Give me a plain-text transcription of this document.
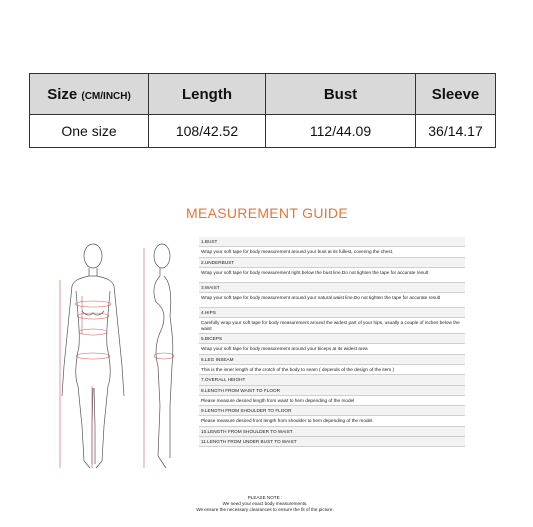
Size (CM/INCH)	Length	Bust	Sleeve
One size	108/42.52	112/44.09	36/14.17
MEASUREMENT GUIDE
1.BUST
Wrap your soft tape for body measurement around your bust at its fullest, covering the chest.
2.UNDERBUST
Wrap your soft tape for body measurement right below the bust line.Do not tighten the tape for accurate result
3.WAIST
Wrap your soft tape for body measurement around your natural waist line.Do not tighten the tape for accurate result
4.HIPS
Carefully wrap your soft tape for body measurement around the widest part of your hips, usually a couple of inches below the waist
5.BICEPS
Wrap your soft tape for body measurement around your biceps at its widest area
6.LEG INSEAM
This is the inner length of the crotch of the body to seam ( depends of the design of the item )
7.OVERALL HEIGHT
8.LENGTH FROM WAIST TO FLOOR
Please measure desired length from waist to hem depending of the model
9.LENGTH FROM SHOULDER TO FLOOR
Please measure desired front length from shoulder to hem depending of the model.
10.LENGTH FROM SHOULDER TO WAIST
11.LENGTH FROM UNDER BUST TO WAIST
PLEASE NOTE :
We need your exact body measurements.
We ensure the necessary clearances to ensure the fit of the picture.
